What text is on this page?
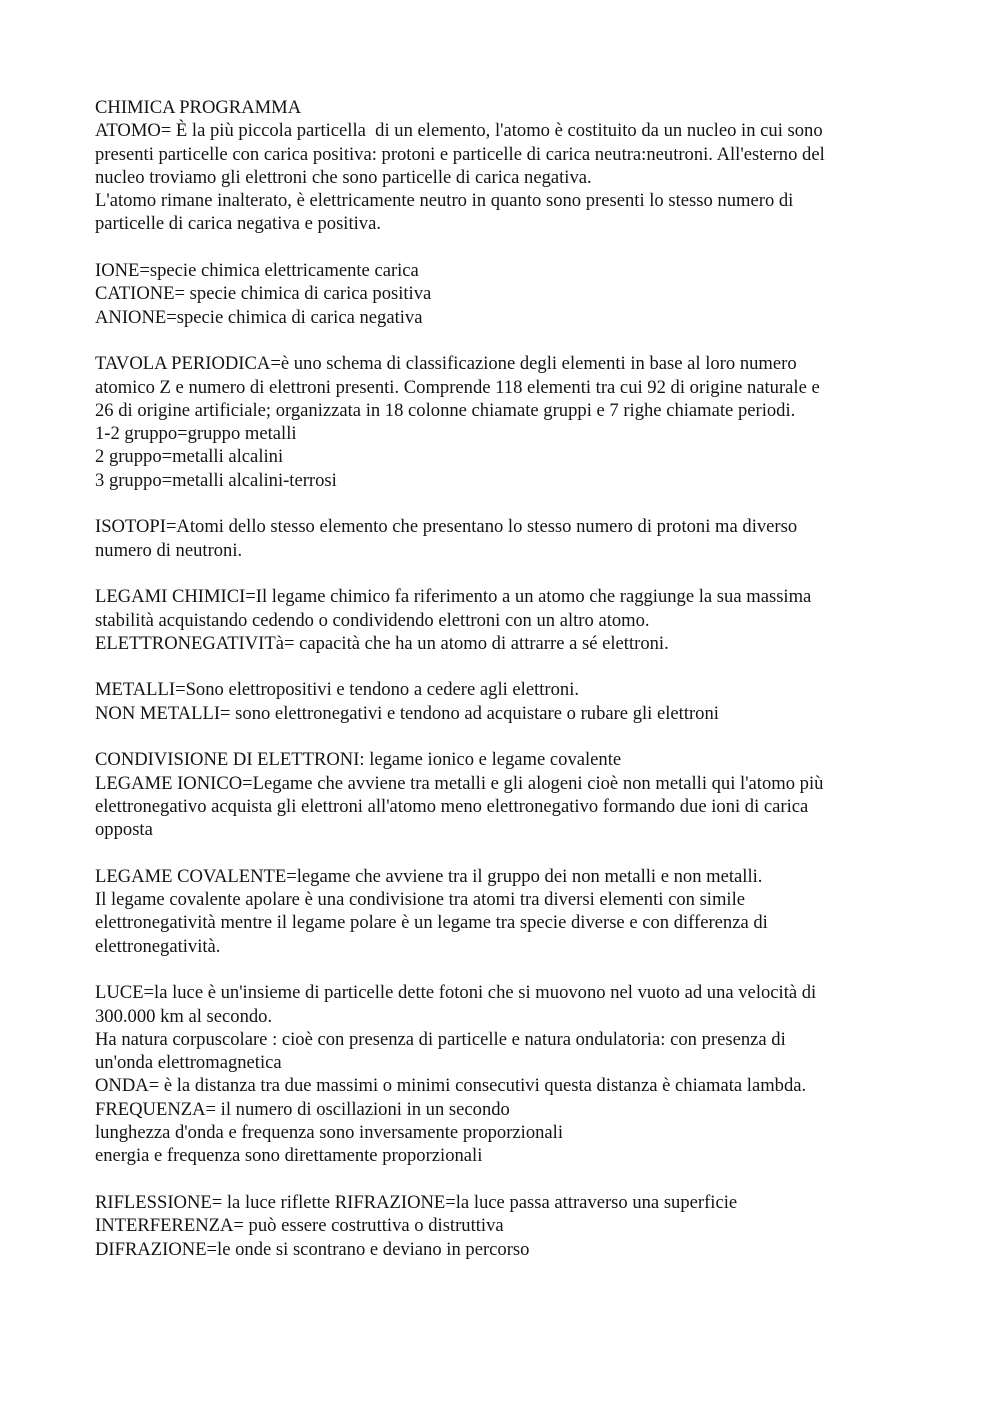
CHIMICA PROGRAMMA
ATOMO= È la più piccola particella  di un elemento, l'atomo è costituito da un nucleo in cui sono
presenti particelle con carica positiva: protoni e particelle di carica neutra:neutroni. All'esterno del
nucleo troviamo gli elettroni che sono particelle di carica negativa.
L'atomo rimane inalterato, è elettricamente neutro in quanto sono presenti lo stesso numero di
particelle di carica negativa e positiva.
IONE=specie chimica elettricamente carica
CATIONE= specie chimica di carica positiva
ANIONE=specie chimica di carica negativa
TAVOLA PERIODICA=è uno schema di classificazione degli elementi in base al loro numero
atomico Z e numero di elettroni presenti. Comprende 118 elementi tra cui 92 di origine naturale e
26 di origine artificiale; organizzata in 18 colonne chiamate gruppi e 7 righe chiamate periodi.
1-2 gruppo=gruppo metalli
2 gruppo=metalli alcalini
3 gruppo=metalli alcalini-terrosi
ISOTOPI=Atomi dello stesso elemento che presentano lo stesso numero di protoni ma diverso
numero di neutroni.
LEGAMI CHIMICI=Il legame chimico fa riferimento a un atomo che raggiunge la sua massima
stabilità acquistando cedendo o condividendo elettroni con un altro atomo.
ELETTRONEGATIVITà= capacità che ha un atomo di attrarre a sé elettroni.
METALLI=Sono elettropositivi e tendono a cedere agli elettroni.
NON METALLI= sono elettronegativi e tendono ad acquistare o rubare gli elettroni
CONDIVISIONE DI ELETTRONI: legame ionico e legame covalente
LEGAME IONICO=Legame che avviene tra metalli e gli alogeni cioè non metalli qui l'atomo più
elettronegativo acquista gli elettroni all'atomo meno elettronegativo formando due ioni di carica
opposta
LEGAME COVALENTE=legame che avviene tra il gruppo dei non metalli e non metalli.
Il legame covalente apolare è una condivisione tra atomi tra diversi elementi con simile
elettronegatività mentre il legame polare è un legame tra specie diverse e con differenza di
elettronegatività.
LUCE=la luce è un'insieme di particelle dette fotoni che si muovono nel vuoto ad una velocità di
300.000 km al secondo.
Ha natura corpuscolare : cioè con presenza di particelle e natura ondulatoria: con presenza di
un'onda elettromagnetica
ONDA= è la distanza tra due massimi o minimi consecutivi questa distanza è chiamata lambda.
FREQUENZA= il numero di oscillazioni in un secondo
lunghezza d'onda e frequenza sono inversamente proporzionali
energia e frequenza sono direttamente proporzionali
RIFLESSIONE= la luce riflette RIFRAZIONE=la luce passa attraverso una superficie
INTERFERENZA= può essere costruttiva o distruttiva
DIFRAZIONE=le onde si scontrano e deviano in percorso
